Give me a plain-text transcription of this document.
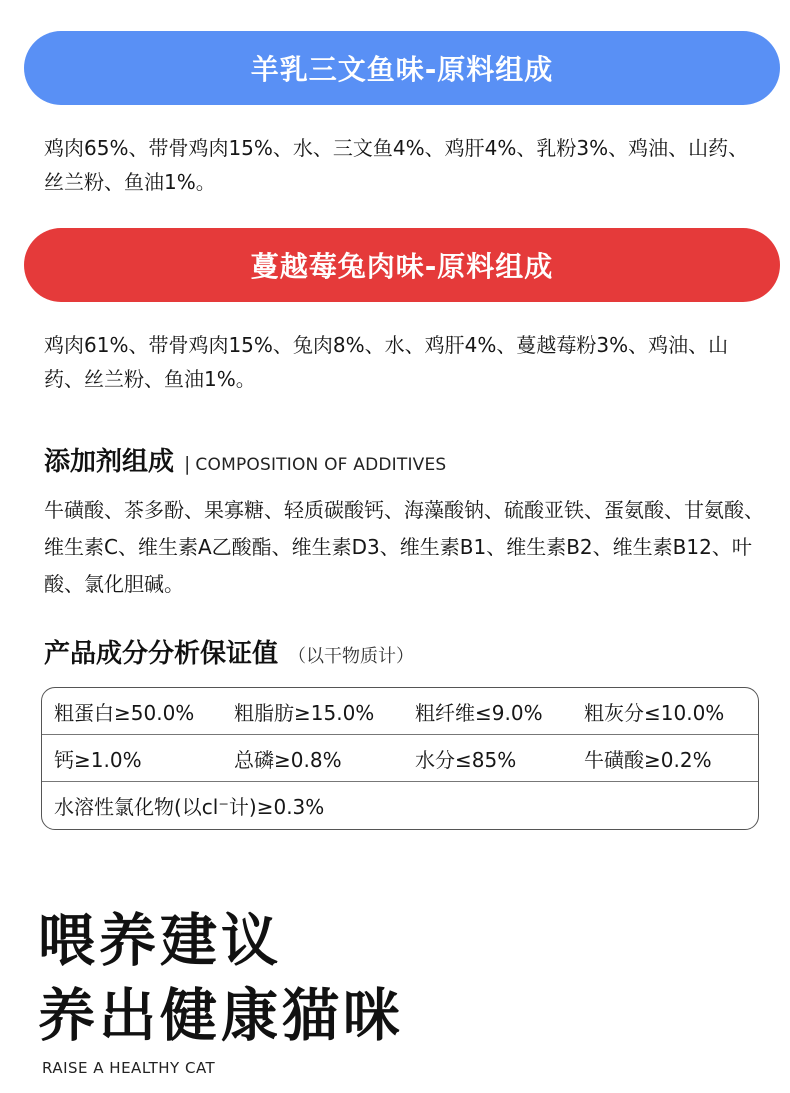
羊乳三文鱼味-原料组成

鸡肉65%、带骨鸡肉15%、水、三文鱼4%、鸡肝4%、乳粉3%、鸡油、山药、丝兰粉、鱼油1%。

蔓越莓兔肉味-原料组成

鸡肉61%、带骨鸡肉15%、兔肉8%、水、鸡肝4%、蔓越莓粉3%、鸡油、山药、丝兰粉、鱼油1%。

添加剂组成 | COMPOSITION OF ADDITIVES

牛磺酸、茶多酚、果寡糖、轻质碳酸钙、海藻酸钠、硫酸亚铁、蛋氨酸、甘氨酸、维生素C、维生素A乙酸酯、维生素D3、维生素B1、维生素B2、维生素B12、叶酸、氯化胆碱。

产品成分分析保证值 （以干物质计）
粗蛋白≥50.0% 粗脂肪≥15.0% 粗纤维≤9.0% 粗灰分≤10.0%
钙≥1.0%	总磷≥0.8%	水分≤85%	牛磺酸≥0.2%
水溶性氯化物(以cl⁻计)≥0.3%
喂养建议
养出健康猫咪
RAISE A HEALTHY CAT
